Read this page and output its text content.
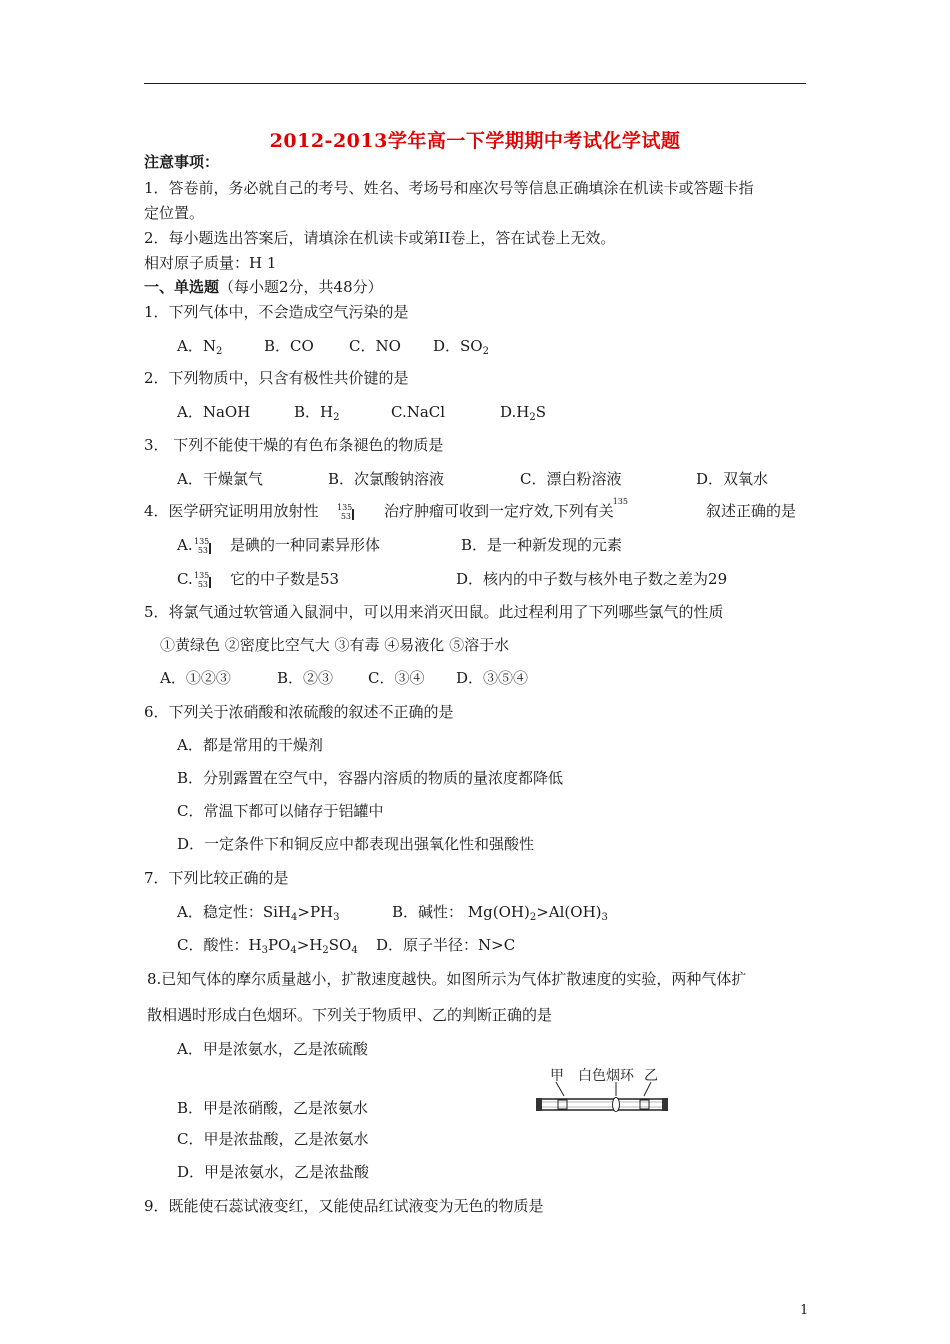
2012-2013学年高一下学期期中考试化学试题
注意事项：
1．答卷前，务必就自己的考号、姓名、考场号和座次号等信息正确填涂在机读卡或答题卡指
定位置。
2．每小题选出答案后，请填涂在机读卡或第II卷上，答在试卷上无效。
相对原子质量：H 1
一、单选题（每小题2分，共48分）
1．下列气体中，不会造成空气污染的是
A．$N_2$	B．CO C．NO D．$SO_2$
2．下列物质中，只含有极性共价键的是
A．NaOH	B．$H_2$	C.NaCl	$D.H_2S$
3． 下列不能使干燥的有色布条褪色的物质是
A．干燥氯气	B．次氯酸钠溶液	C．漂白粉溶液	D．双氧水
4．医学研究证明用放射性 135
53 治疗肿瘤可收到一定疗效,下列有关
135
叙述正确的是
A. 135
53 是碘的一种同素异形体	B．是一种新发现的元素
C. 135
53 它的中子数是53	D．核内的中子数与核外电子数之差为29
5．将氯气通过软管通入鼠洞中，可以用来消灭田鼠。此过程利用了下列哪些氯气的性质
①黄绿色 ②密度比空气大 ③有毒 ④易液化 ⑤溶于水
A．①②③	B．②③ C．③④ D．③⑤④
6．下列关于浓硝酸和浓硫酸的叙述不正确的是
A．都是常用的干燥剂
B．分别露置在空气中，容器内溶质的物质的量浓度都降低
C．常温下都可以储存于铝罐中
D．一定条件下和铜反应中都表现出强氧化性和强酸性
7．下列比较正确的是
A．稳定性：$SiH_4>PH_3$	B．碱性： $Mg(OH)_2>Al(OH)_3$
C．酸性：$H_3PO_4>H_2SO_4$ D．原子半径：N>C
8.已知气体的摩尔质量越小，扩散速度越快。如图所示为气体扩散速度的实验，两种气体扩
散相遇时形成白色烟环。下列关于物质甲、乙的判断正确的是
A．甲是浓氨水，乙是浓硫酸
B．甲是浓硝酸，乙是浓氨水
C．甲是浓盐酸，乙是浓氨水
D．甲是浓氨水，乙是浓盐酸
甲 白色烟环 乙
9．既能使石蕊试液变红，又能使品红试液变为无色的物质是
1
